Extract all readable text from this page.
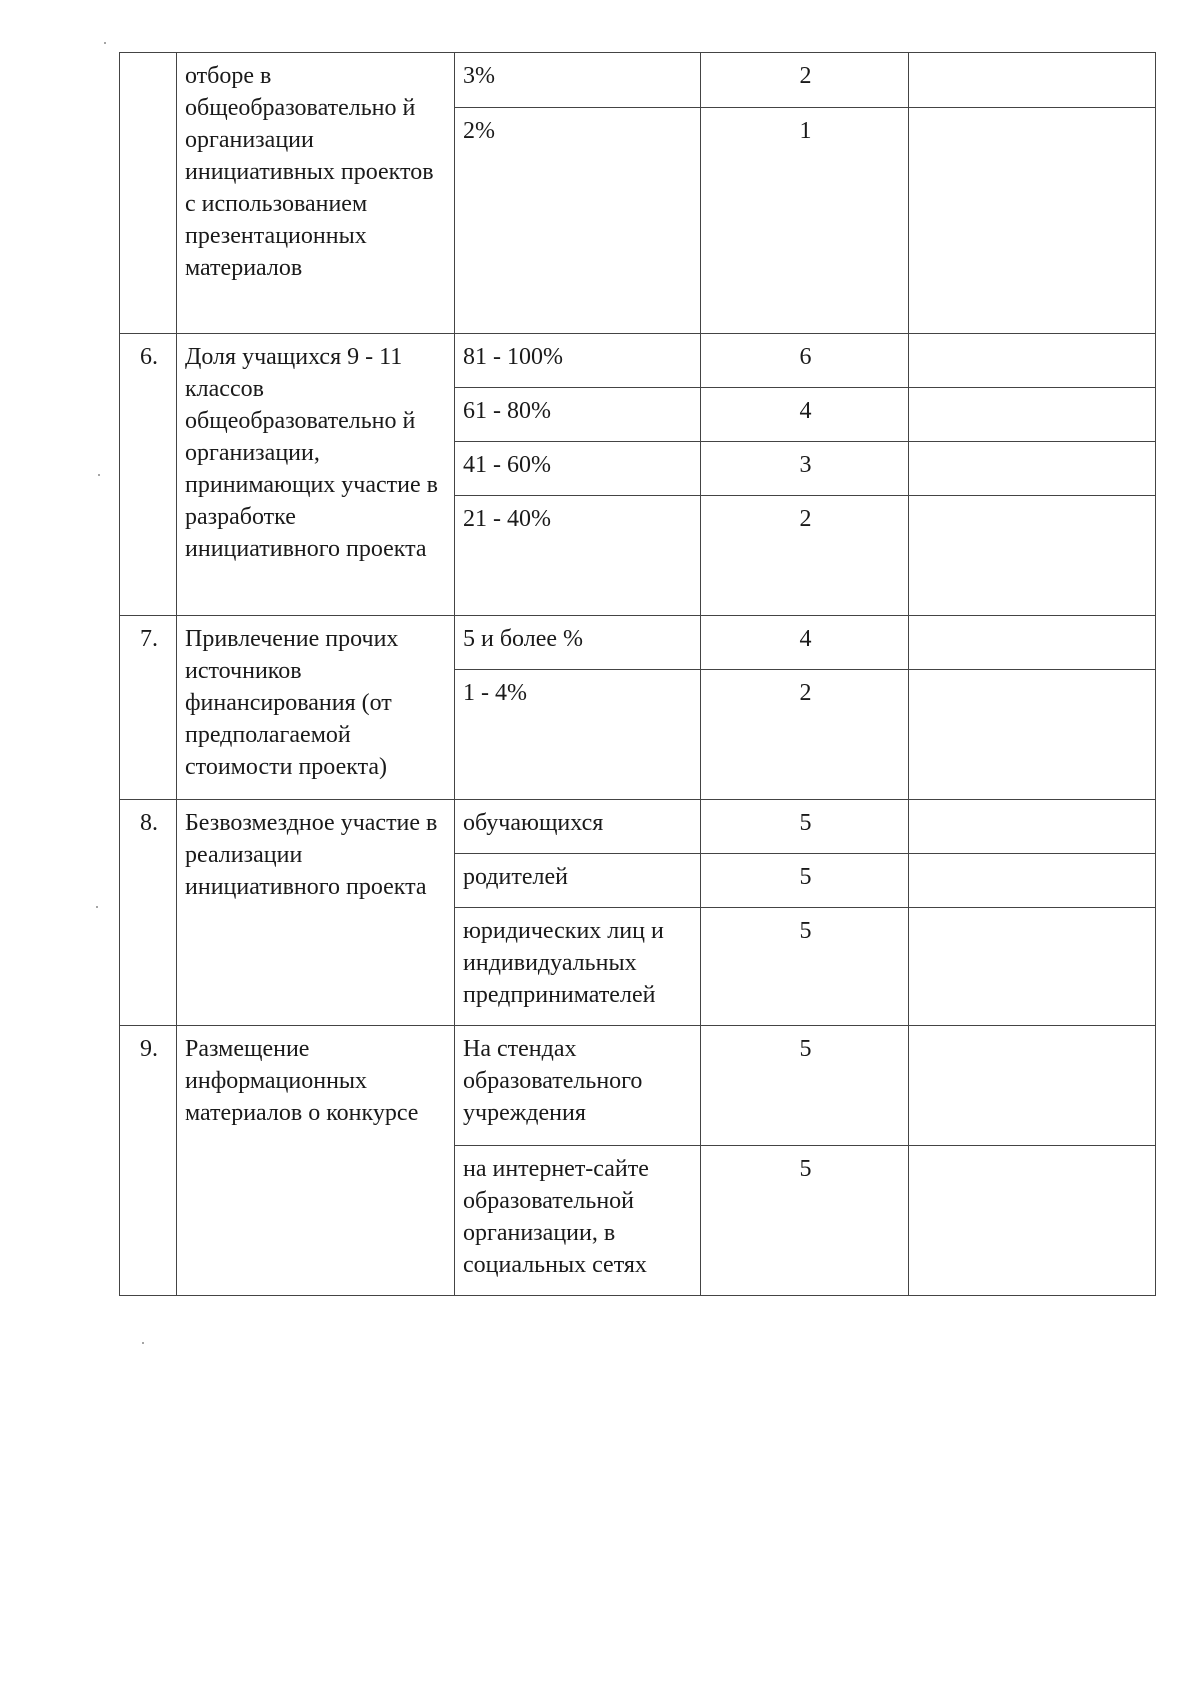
	отборе в общеобразовательно й организации инициативных проектов с использованием презентационных материалов	3%	2	
		2%	1	
6.	Доля учащихся 9 - 11 классов общеобразовательно й организации, принимающих участие в разработке инициативного проекта	81 - 100%	6	
		61 - 80%	4	
		41 - 60%	3	
		21 - 40%	2	
7.	Привлечение прочих источников финансирования (от предполагаемой стоимости проекта)	5 и более %	4	
		1 - 4%	2	
8.	Безвозмездное участие в реализации инициативного проекта	обучающихся	5	
		родителей	5	
		юридических лиц и индивидуальных предпринимателей	5	
9.	Размещение информационных материалов о конкурсе	На стендах образовательного учреждения	5	
		на интернет-сайте образовательной организации, в социальных сетях	5	
